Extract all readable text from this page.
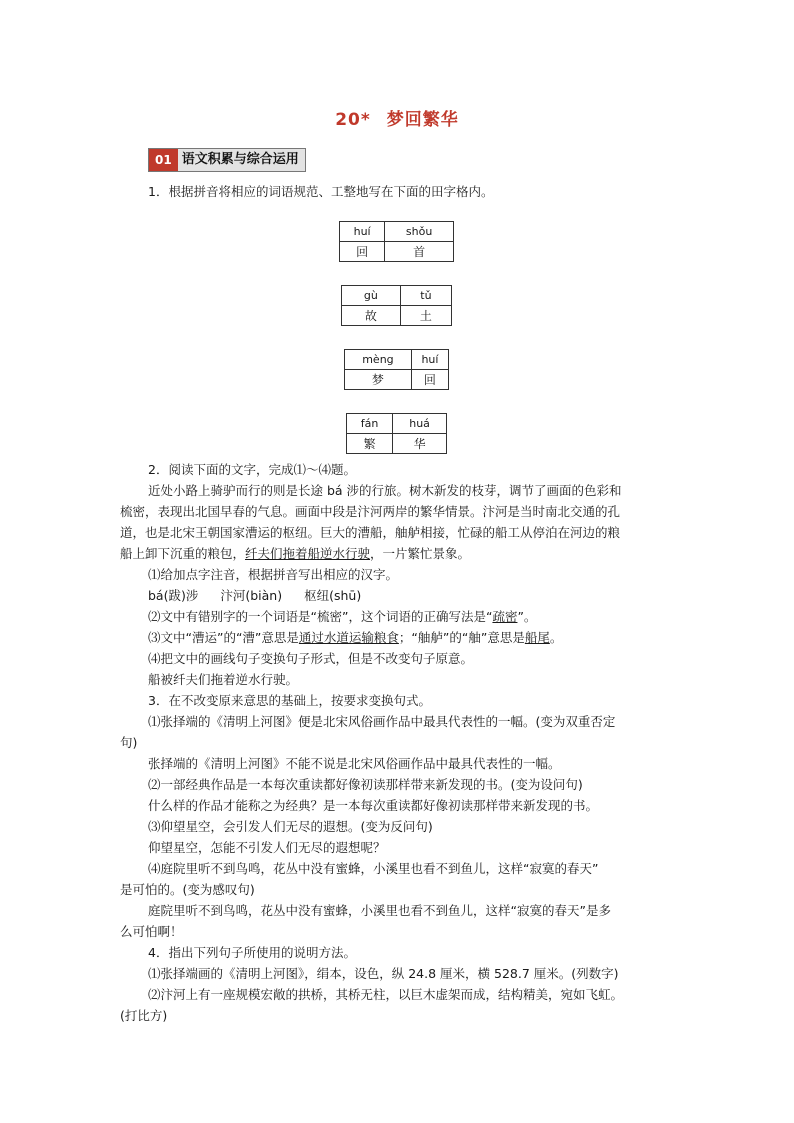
20* 梦回繁华
01 语文积累与综合运用
1．根据拼音将相应的词语规范、工整地写在下面的田字格内。
huí	shǒu
回	首
gù	tǔ
故	土
mèng	huí
梦	回
fán	huá
繁	华
2．阅读下面的文字，完成⑴～⑷题。
近处小路上骑驴而行的则是长途 bá 涉的行旅。树木新发的枝芽，调节了画面的色彩和
梳密，表现出北国早春的气息。画面中段是汴河两岸的繁华情景。汴河是当时南北交通的孔
道，也是北宋王朝国家漕运的枢纽。巨大的漕船，舳舻相接，忙碌的船工从停泊在河边的粮
船上卸下沉重的粮包，纤夫们拖着船逆水行驶，一片繁忙景象。
⑴给加点字注音，根据拼音写出相应的汉字。
bá(跋)涉 汴河(biàn) 枢纽(shū)
⑵文中有错别字的一个词语是“梳密”，这个词语的正确写法是“疏密”。
⑶文中“漕运”的“漕”意思是通过水道运输粮食；“舳舻”的“舳”意思是船尾。
⑷把文中的画线句子变换句子形式，但是不改变句子原意。
船被纤夫们拖着逆水行驶。
3．在不改变原来意思的基础上，按要求变换句式。
⑴张择端的《清明上河图》便是北宋风俗画作品中最具代表性的一幅。(变为双重否定
句)
张择端的《清明上河图》不能不说是北宋风俗画作品中最具代表性的一幅。
⑵一部经典作品是一本每次重读都好像初读那样带来新发现的书。(变为设问句)
什么样的作品才能称之为经典？是一本每次重读都好像初读那样带来新发现的书。
⑶仰望星空，会引发人们无尽的遐想。(变为反问句)
仰望星空，怎能不引发人们无尽的遐想呢？
⑷庭院里听不到鸟鸣，花丛中没有蜜蜂，小溪里也看不到鱼儿，这样“寂寞的春天”
是可怕的。(变为感叹句)
庭院里听不到鸟鸣，花丛中没有蜜蜂，小溪里也看不到鱼儿，这样“寂寞的春天”是多
么可怕啊！
4．指出下列句子所使用的说明方法。
⑴张择端画的《清明上河图》，绢本，设色，纵 24.8 厘米，横 528.7 厘米。(列数字)
⑵汴河上有一座规模宏敞的拱桥，其桥无柱，以巨木虚架而成，结构精美，宛如飞虹。
(打比方)
